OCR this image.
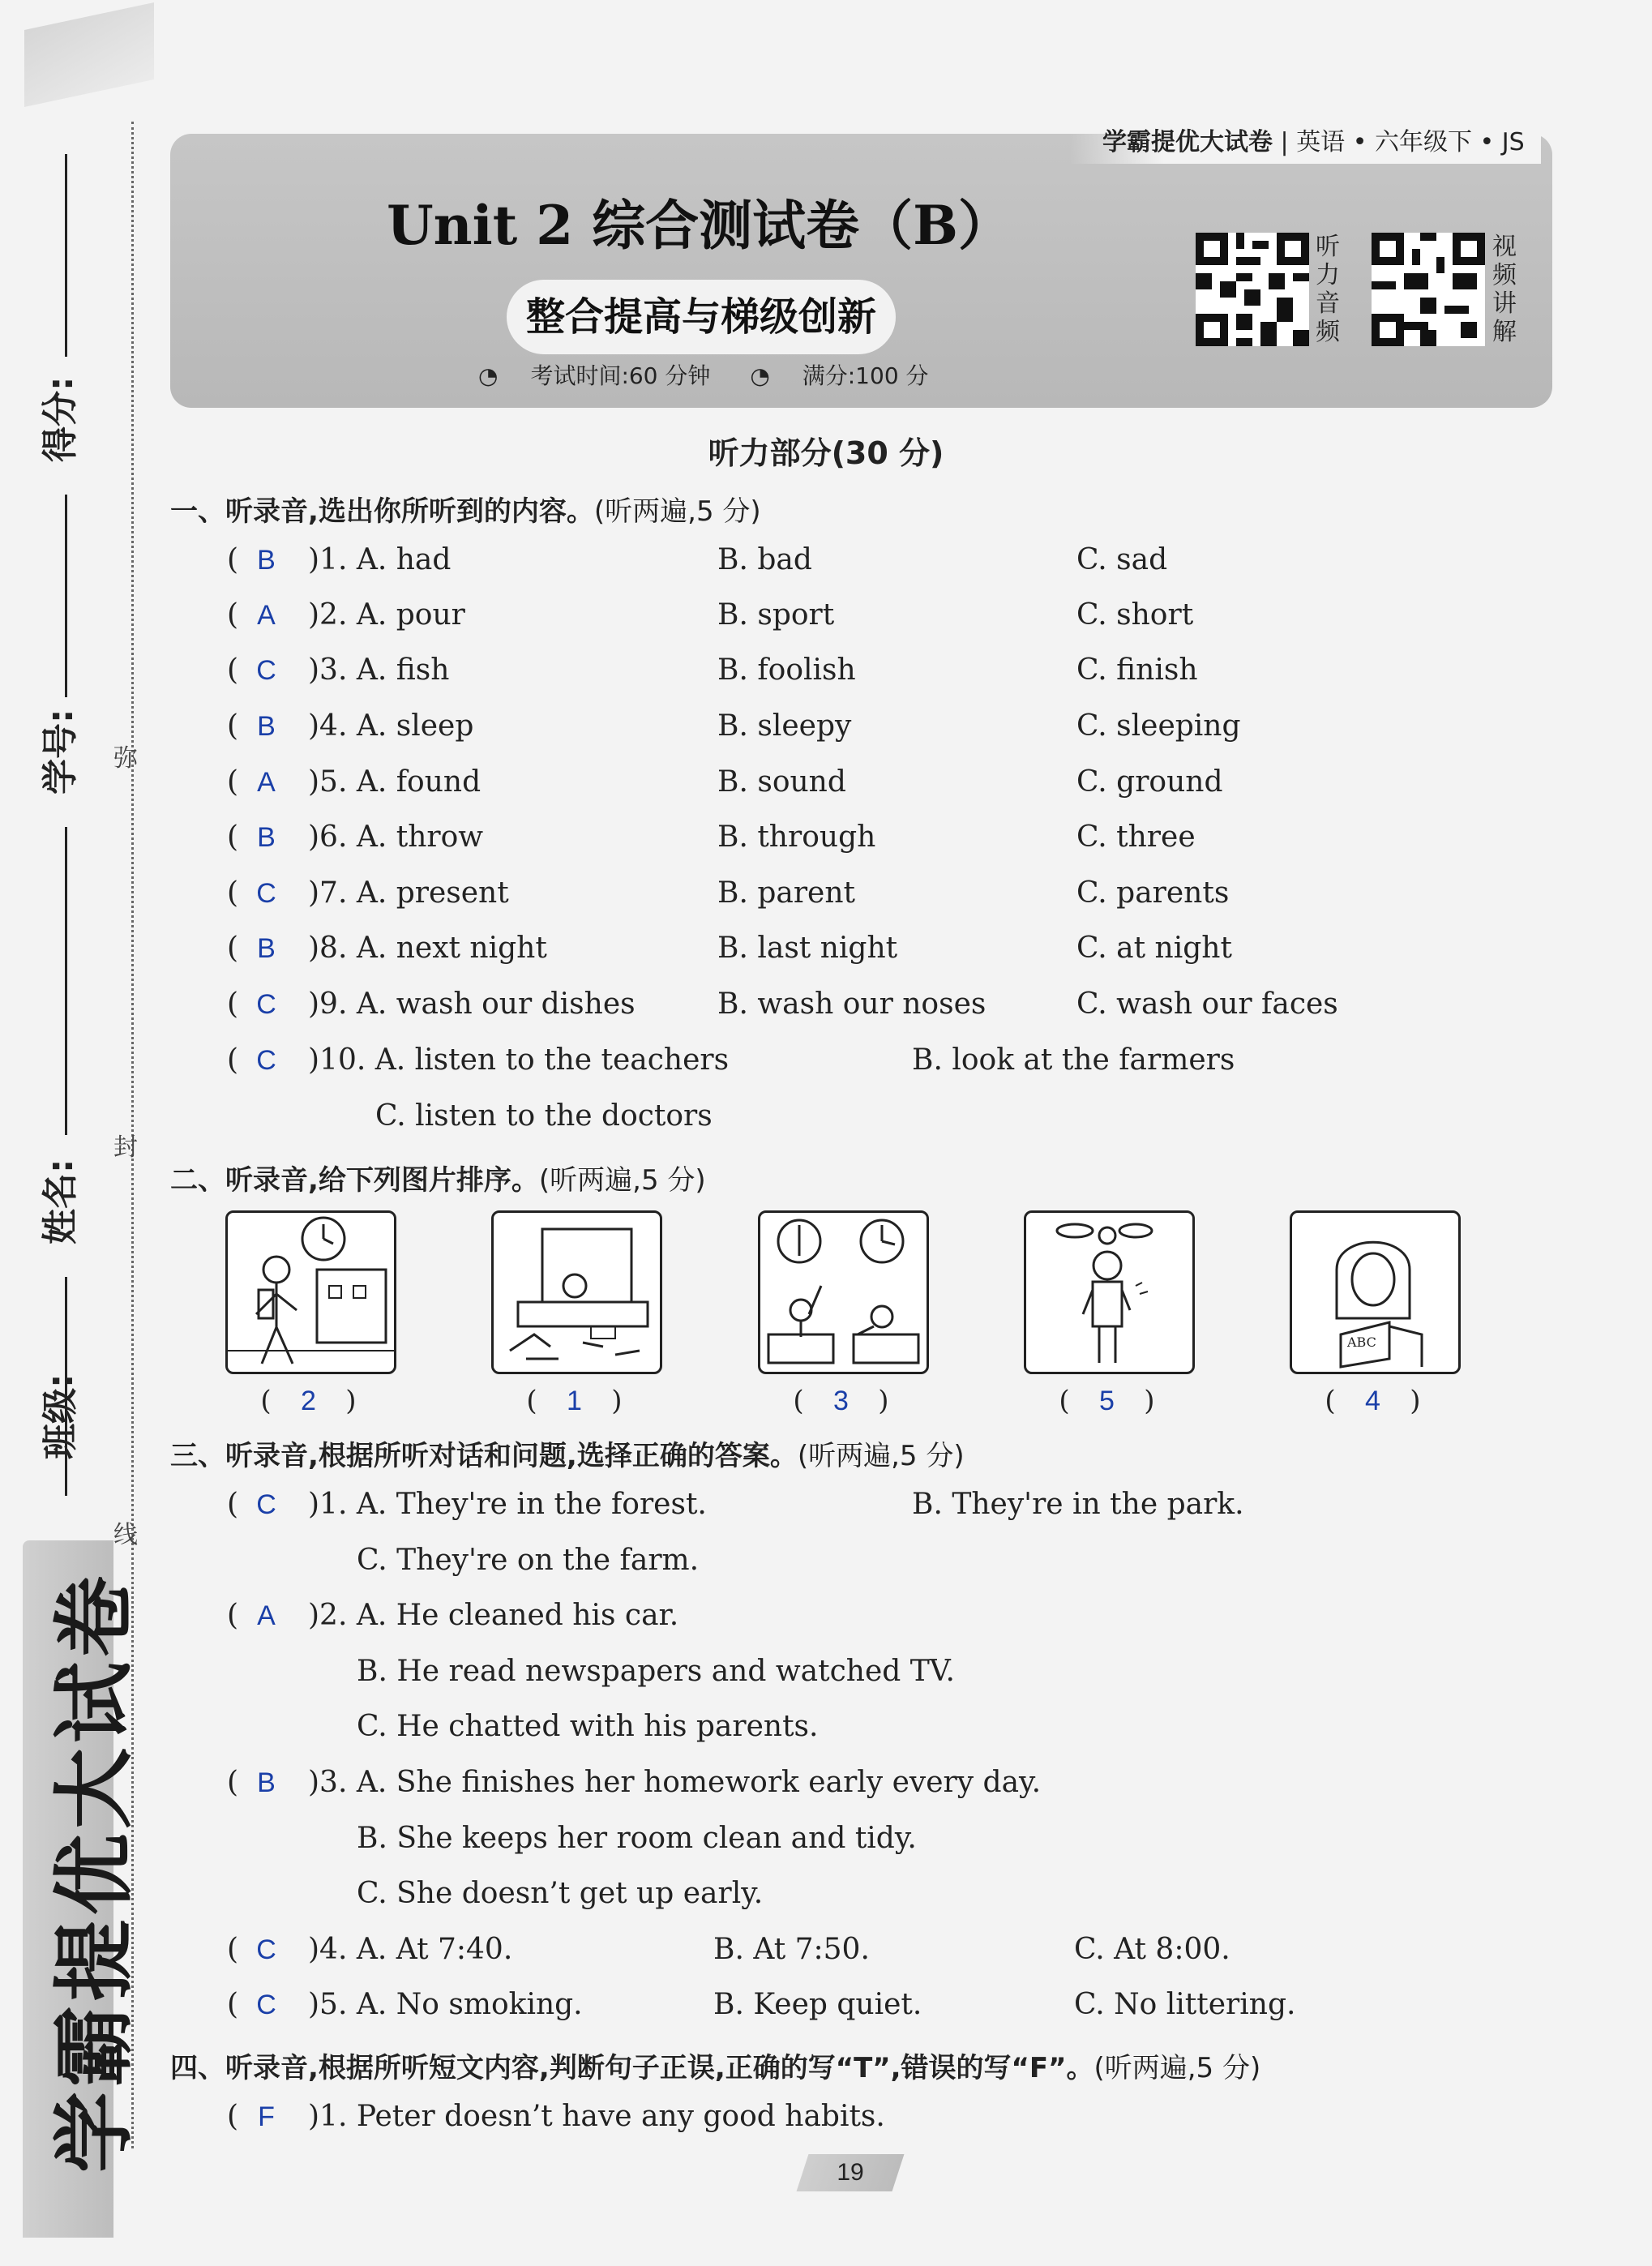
得分:
学号:
姓名:
班级:
弥
封
线
学霸提优大试卷
Unit 2 综合测试卷（B）
整合提高与梯级创新
◔ 考试时间:60 分钟 ◔ 满分:100 分
听力音频
视频讲解
学霸提优大试卷 | 英语 • 六年级下 • JS
听力部分(30 分)
一、听录音,选出你所听到的内容。(听两遍,5 分)
( B )1. A. had	B. bad	C. sad
( A )2. A. pour	B. sport	C. short
( C )3. A. fish	B. foolish	C. finish
( B )4. A. sleep	B. sleepy	C. sleeping
( A )5. A. found	B. sound	C. ground
( B )6. A. throw	B. through	C. three
( C )7. A. present	B. parent	C. parents
( B )8. A. next night	B. last night	C. at night
( C )9. A. wash our dishes	B. wash our noses	C. wash our faces
( C )10. A. listen to the teachers	B. look at the farmers
C. listen to the doctors
二、听录音,给下列图片排序。(听两遍,5 分)
ABC
( 2 )	( 1 )	( 3 )	( 5 )	( 4 )
三、听录音,根据所听对话和问题,选择正确的答案。(听两遍,5 分)
( C )1. A. They're in the forest.	B. They're in the park.
C. They're on the farm.
( A )2. A. He cleaned his car.
B. He read newspapers and watched TV.
C. He chatted with his parents.
( B )3. A. She finishes her homework early every day.
B. She keeps her room clean and tidy.
C. She doesn’t get up early.
( C )4. A. At 7:40.	B. At 7:50.	C. At 8:00.
( C )5. A. No smoking.	B. Keep quiet.	C. No littering.
四、听录音,根据所听短文内容,判断句子正误,正确的写“T”,错误的写“F”。(听两遍,5 分)
( F )1. Peter doesn’t have any good habits.
19
